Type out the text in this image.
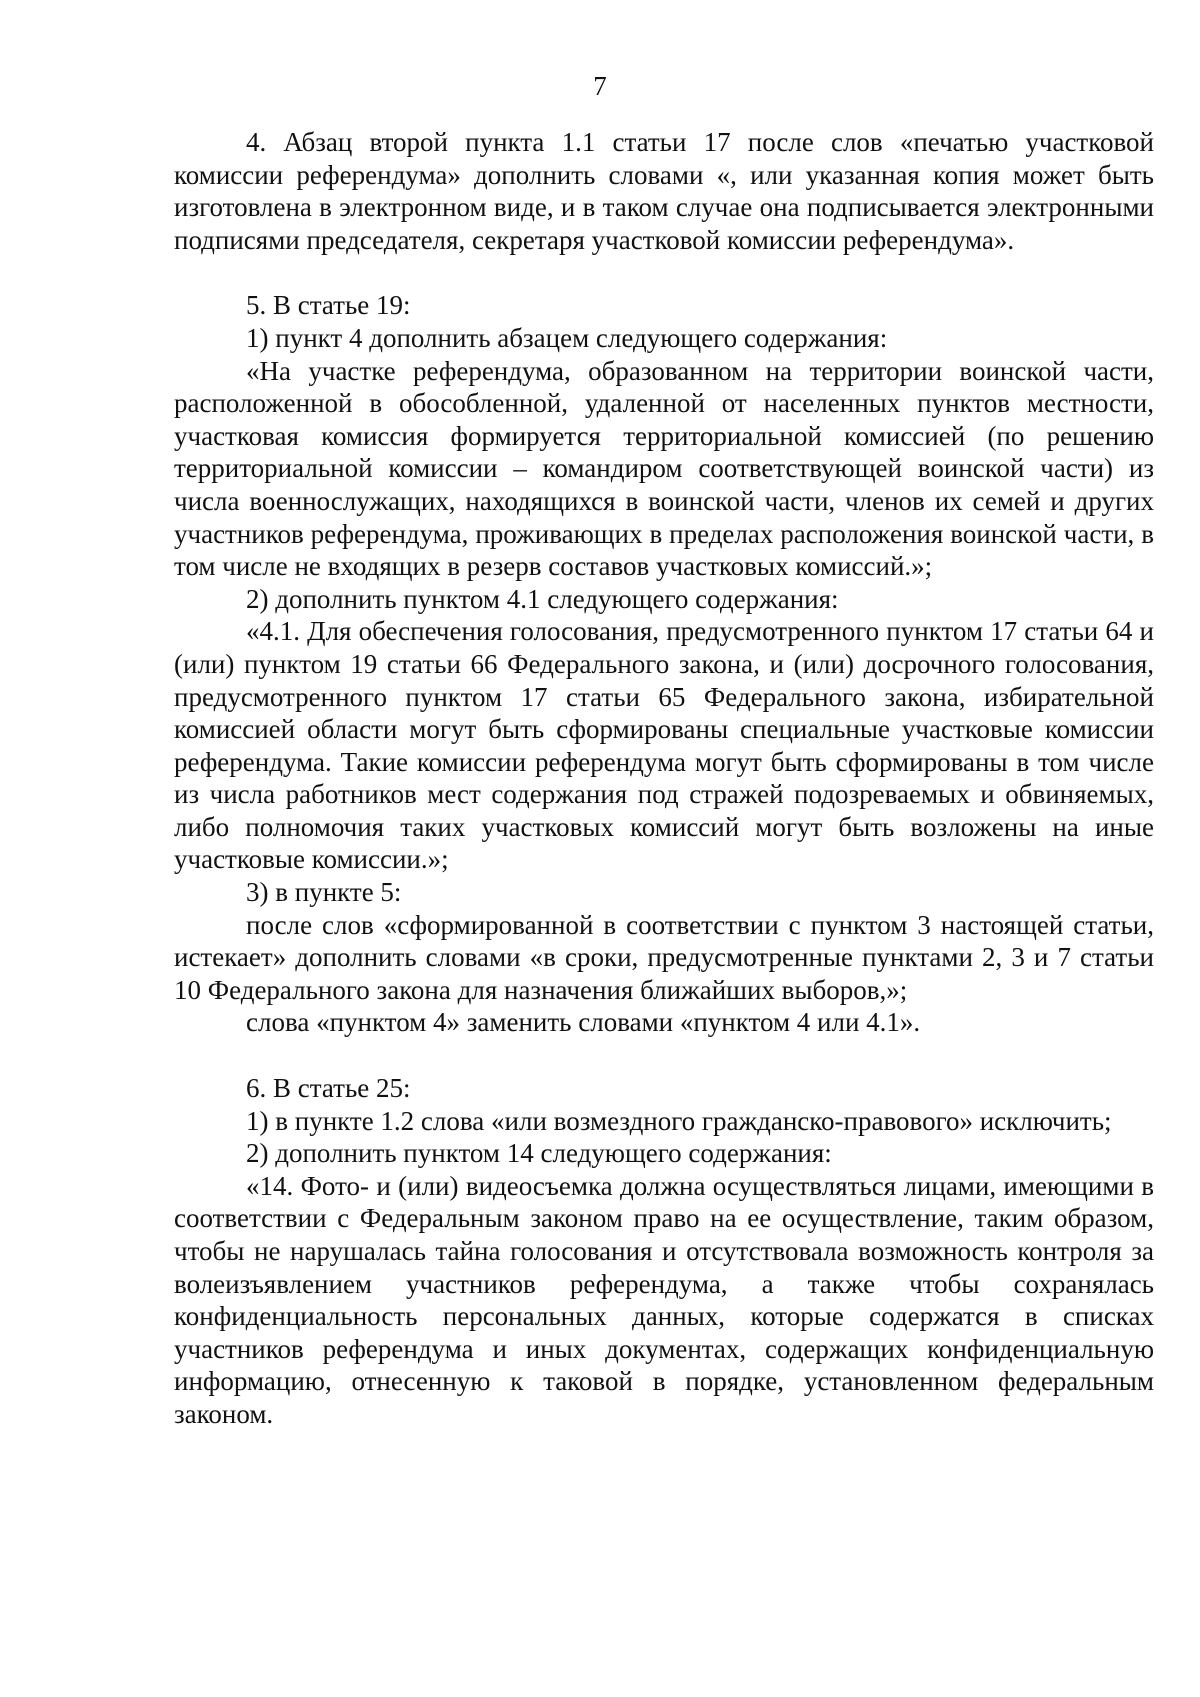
7

4. Абзац второй пункта 1.1 статьи 17 после слов «печатью участковой комиссии референдума» дополнить словами «, или указанная копия может быть изготовлена в электронном виде, и в таком случае она подписывается электронными подписями председателя, секретаря участковой комиссии референдума».

5. В статье 19:

1) пункт 4 дополнить абзацем следующего содержания:

«На участке референдума, образованном на территории воинской части, расположенной в обособленной, удаленной от населенных пунктов местности, участковая комиссия формируется территориальной комиссией (по решению территориальной комиссии – командиром соответствующей воинской части) из числа военнослужащих, находящихся в воинской части, членов их семей и других участников референдума, проживающих в пределах расположения воинской части, в том числе не входящих в резерв составов участковых комиссий.»;

2) дополнить пунктом 4.1 следующего содержания:

«4.1. Для обеспечения голосования, предусмотренного пунктом 17 статьи 64 и (или) пунктом 19 статьи 66 Федерального закона, и (или) досрочного голосования, предусмотренного пунктом 17 статьи 65 Федерального закона, избирательной комиссией области могут быть сформированы специальные участковые комиссии референдума. Такие комиссии референдума могут быть сформированы в том числе из числа работников мест содержания под стражей подозреваемых и обвиняемых, либо полномочия таких участковых комиссий могут быть возложены на иные участковые комиссии.»;

3) в пункте 5:

после слов «сформированной в соответствии с пунктом 3 настоящей статьи, истекает» дополнить словами «в сроки, предусмотренные пунктами 2, 3 и 7 статьи 10 Федерального закона для назначения ближайших выборов,»;

слова «пунктом 4» заменить словами «пунктом 4 или 4.1».

6. В статье 25:

1) в пункте 1.2 слова «или возмездного гражданско-правового» исключить;

2) дополнить пунктом 14 следующего содержания:

«14. Фото- и (или) видеосъемка должна осуществляться лицами, имеющими в соответствии с Федеральным законом право на ее осуществление, таким образом, чтобы не нарушалась тайна голосования и отсутствовала возможность контроля за волеизъявлением участников референдума, а также чтобы сохранялась конфиденциальность персональных данных, которые содержатся в списках участников референдума и иных документах, содержащих конфиденциальную информацию, отнесенную к таковой в порядке, установленном федеральным законом.
